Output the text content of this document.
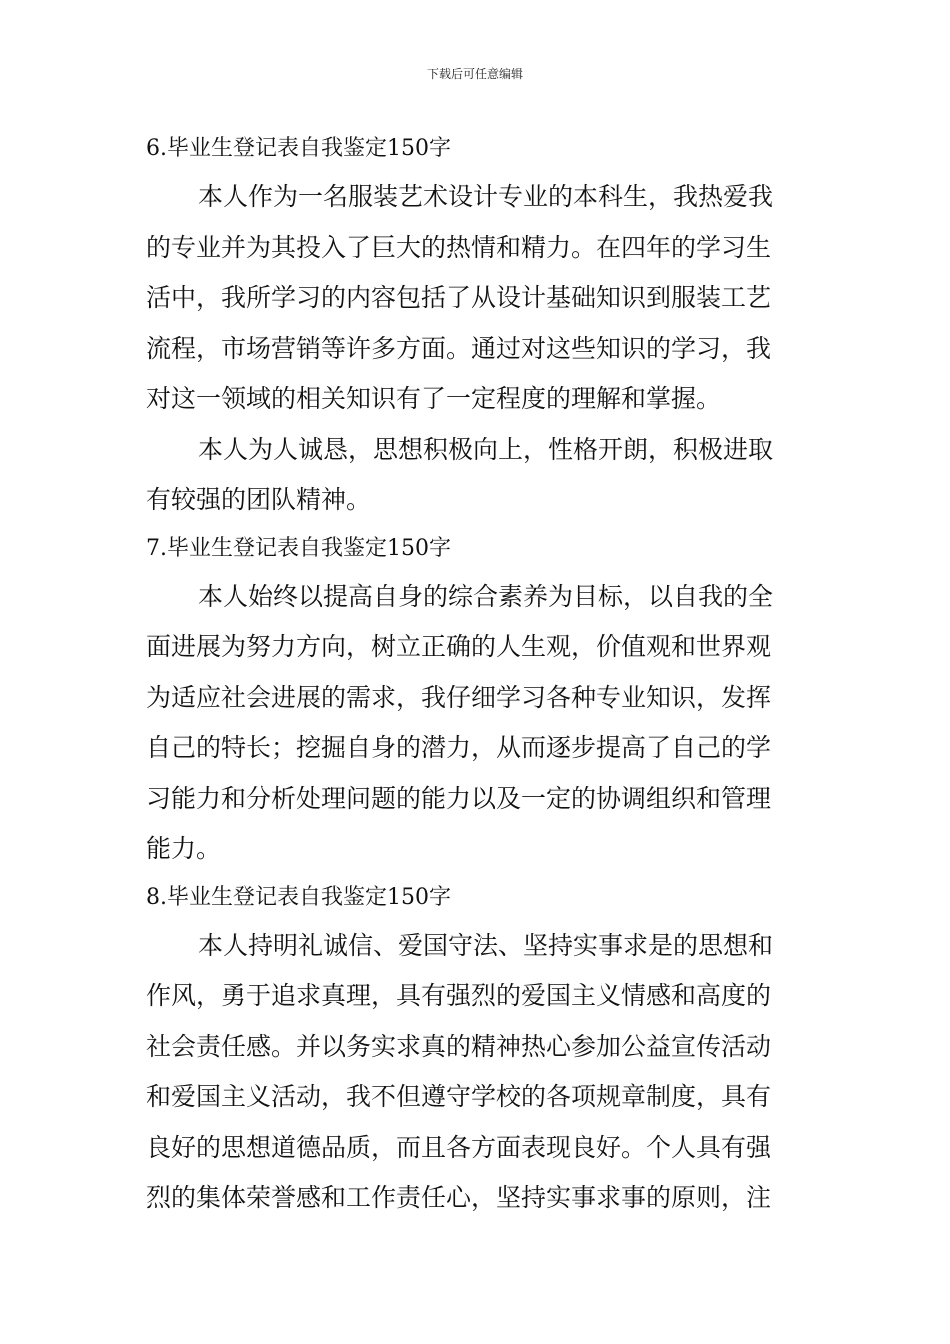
下载后可任意编辑
6.毕业生登记表自我鉴定150字
本人作为一名服装艺术设计专业的本科生，我热爱我
的专业并为其投入了巨大的热情和精力。在四年的学习生
活中，我所学习的内容包括了从设计基础知识到服装工艺
流程，市场营销等许多方面。通过对这些知识的学习，我
对这一领域的相关知识有了一定程度的理解和掌握。
本人为人诚恳，思想积极向上，性格开朗，积极进取
有较强的团队精神。
7.毕业生登记表自我鉴定150字
本人始终以提高自身的综合素养为目标，以自我的全
面进展为努力方向，树立正确的人生观，价值观和世界观
为适应社会进展的需求，我仔细学习各种专业知识，发挥
自己的特长；挖掘自身的潜力，从而逐步提高了自己的学
习能力和分析处理问题的能力以及一定的协调组织和管理
能力。
8.毕业生登记表自我鉴定150字
本人持明礼诚信、爱国守法、坚持实事求是的思想和
作风，勇于追求真理，具有强烈的爱国主义情感和高度的
社会责任感。并以务实求真的精神热心参加公益宣传活动
和爱国主义活动，我不但遵守学校的各项规章制度，具有
良好的思想道德品质，而且各方面表现良好。个人具有强
烈的集体荣誉感和工作责任心，坚持实事求事的原则，注
